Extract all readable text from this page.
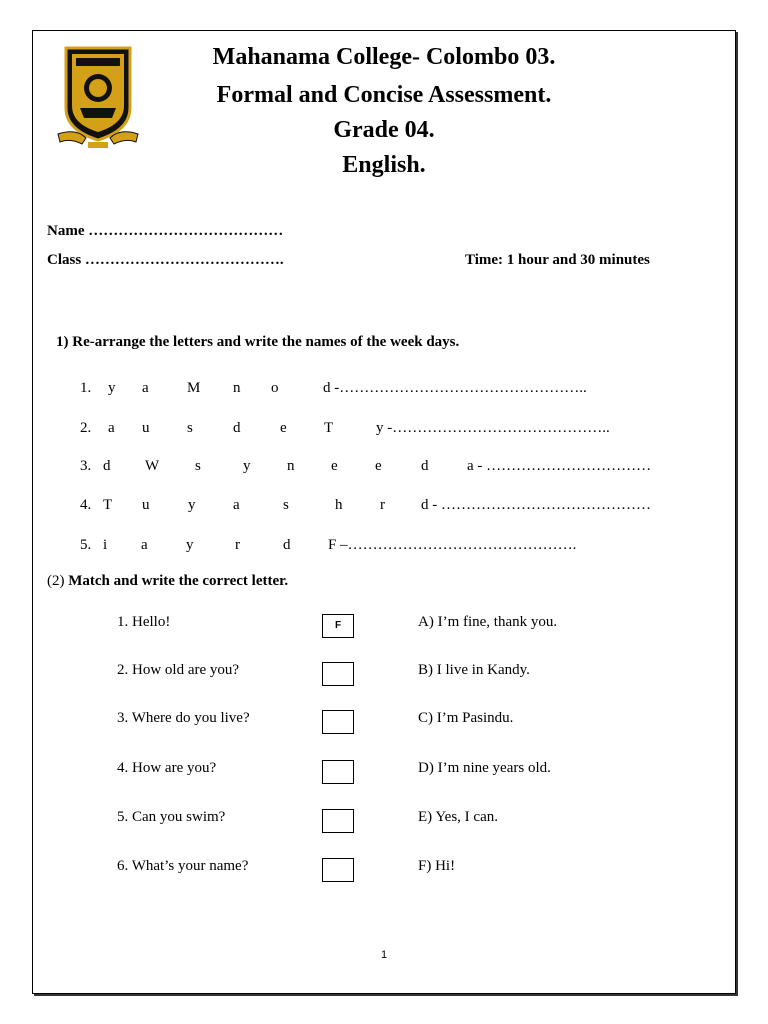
Mahanama College- Colombo 03.
Formal and Concise Assessment.
Grade 04.
English.
Name …………………………………
Class ………………………………….	Time: 1 hour and 30 minutes
1) Re-arrange the letters and write the names of the week days.
1. y a	M n o	d -…………………………………………..
2. a u	s	d	e T	y -……………………………………..
3. d W s	y n e e	d	a - ……………………………
4. T u	y	a	s	h	r d - ……………………………………
5. i a	y	r	d	F –……………………………………….
(2) Match and write the correct letter.
1. Hello!	F	A) I’m fine, thank you.
2. How old are you?	B) I live in Kandy.
3. Where do you live?	C) I’m Pasindu.
4. How are you?	D) I’m nine years old.
5. Can you swim?	E) Yes, I can.
6. What’s your name?	F) Hi!
1
